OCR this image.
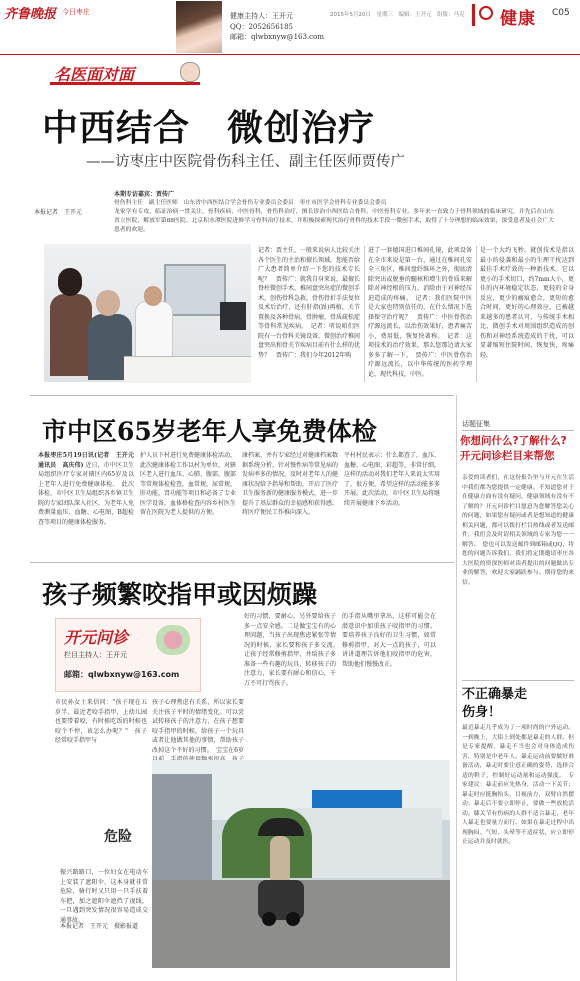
齐鲁晚报 今日枣庄	健康主持人：王开元
QQ：2052656185
邮箱：qlwbxnyw@163.com
2015年5月20日　星期三　编辑：王开元　组版：马克 健康 C05
名医面对面
中西结合　微创治疗
——访枣庄中医院骨伤科主任、副主任医师贾传广
本报记者　王开元
本期专访嘉宾：贾传广
骨伤科主任　副主任医师　山东省中西医结合学会骨伤专业委员会委员　枣庄市医学会骨科专业委员会委员
龙家学有专攻，临证治病一贯关注，骨科疾病，中医骨科，骨伤科治疗，擅长诊治中西医结合骨科，中医骨科专业。多年来一直致力于骨科领域的临床研究，并先后在山东省立医院、解放军第88医院、北京积水潭医院进修学习骨科治疗技术，并积极探索现代治疗骨科的技术手段一微创手术，取得了十分理想的临床效果，深受患者及社会广大患者的欢迎。
记者：贾主任，一般来说病人比较关注各个医生的主治和擅长领域，您能否给广大患者简单介绍一下您的技术专长呢？　贾传广：就我自身来说，最擅长脊柱微创手术，椎间盘突出症的微创手术，创伤骨科急救，骨伤骨折手法复位及术后治疗，还有肝指(趾)再植，关节置换及各种骨病，骨肿瘤，骨质疏松症等骨科常见疾病。　记者：听说咱们医院有一台骨科关镜设备，微创治疗椎间盘突出和骨关节疾病目前有什么样的优势？　贾传广：我们今年2012年购
进了一套德国进口椎间孔镜，此项设备在全市来说是第一台，通过在椎间孔安全三角区，椎间盘纤维环之外，彻底清除突出或脱垂的髓核和增生的骨质来解除对神经根的压力，消除由于对神经压迫造成的疼痛。　记者：我们医院中医是大家也特别信任的，在什么情况下选择保守治疗呢？　贾传广：中医骨伤治疗源远流长，以治伤效果好，患者痛苦小，费用低，恢复快著称。　记者：这项技术的治疗效果，那么您那边请大家多多了解一下。　贾传广：中医骨伤治疗源远流长，以中华传统的医药学理论、现代科技，中医。
是一个大约飞秒，就创技术是指以最小的侵袭和最小的生理干扰达到最佳手术疗效的一种新技术。它以更小的手术切口，约7mm大小，更佳的内环境稳定状态，更轻的全身反应，更少的瘢痕愈合，更短的愈合时间，更好的心理效应，已被越来越多的患者认可，与传统手术相比，微创手术对周围组织造成的创伤和对神经系统造成的干扰，可以显著缩短住院时间，恢复快，疼痛轻。
市中区65岁老年人享免费体检
本报枣庄5月19日讯(记者　王开元　通讯员　高庆伟) 近日，市中区卫生局组织医疗专家对辖区内65岁及以上老年人进行免费健康体检。　此次体检，市中区卫生局组织各乡镇卫生院的专家团队深入社区，为老年人免费测量血压、血糖、心电图，B超检查等项目的健康体检服务。
护人员下村进行免费健康体检活动，此次健康体检工作以村为单位，对辖区老人进行血压、心肺、腹部，腹部等常规体检检查，血常规，尿常规，肝功能，肾功能等项目和必备了专业医学设备，血体格检查内容乡村医生留在医院为老人提供的方便。
康档案，并有专家经过对健康档案数据系统分析，针对慢性病等常见病的发病率多的情况，及时对老年人的健康状况给予指导和帮助，开启了医疗卫生服务新的健康服务模式，进一步提升了基层群众的幸福感和获得感，将医疗便民工作推向深入。
平村村民表示：什么都查了，血压、血糖、心电图、彩超等，非常仔细，这样的活动对我们老年人来说太实用了，很方便，希望这样的活动能多多开展。此次活动，市中区卫生局将继续开展健康下乡活动。
孩子频繁咬指甲或因烦躁
开元问诊
栏目主持人：王开元
邮箱：qlwbxnyw@163.com
市民孙女士来信问："孩子现在五岁半，最近老咬手指甲，上幼儿园也要带着咬，有时候吃饭的时候也咬个不停，该怎么办呢？"　孩子经常咬手指甲与
孩子心理焦虑有关系，所以家长要关注孩子平时的情绪变化。可以尝试转移孩子的注意力，在孩子想要咬手指甲的时候，给孩子一个玩具或者让他做其他的事情，帮助孩子改掉这个不好的习惯。　宝宝在6岁
好的习惯，要耐心，另外要给孩子多一点安全感。二是做宝宝有的心理问题，当孩子出现焦虑紧张等情况的时候，家长要和孩子多交流。　让孩子经常修剪指甲，并给孩子多准备一些有趣的玩具，转移孩子的注意力，家长要有耐心和信心，千万不可打骂孩子。
的手指从嘴里拿出，这样可能会在潜意识中加重孩子咬指甲的习惯。要培养孩子良好的卫生习惯，如常修剪指甲，对大一点的孩子，可以讲讲道理告诉他们咬指甲的危害，帮助他们慢慢改正。
危险
振兴路路口，一位妇女在电动车上安装了遮阳伞，这本身就非常危险，骑行时又只用一只手扶着车把，加之遮阳伞遮挡了视线，一旦遇到突发情况很容易造成交通事故。
本报记者　王开元　摄影报道
话题征集
你想问什么?了解什么?
开元问诊栏目来帮您
亲爱的读者们，在这份报告里与开元在生活中我们都为您提供一定健康。不知道您对于在健康方面有没有疑问，健康领域有没有不了解的？开元问诊栏目愿意为您解答您关心的问题，如果您有疑问或者是想知道的健康相关问题，都可以拨打栏目热线或者发送邮件，我们会及时请相关领域的专家为您一一解答。　您也可以发送邮件到邮箱或QQ，将您的问题告诉我们，我们将定期邀请枣庄各大医院的资深医师对读者提出的问题做出专业的解答，欢迎大家踊跃参与。期待您的来信。
不正确暴走
伤身！
最近暴走几乎成为了一项时尚的户外运动。一到晚上，大街上到处都是暴走的人群。但是专家提醒，暴走不当也会对身体造成伤害，特别是中老年人。暴走运动前要做好准备活动，暴走时要注意正确的姿势，选择合适的鞋子，控制好运动量和运动强度。　专家建议：暴走前应先热身，活动一下关节；暴走时应挺胸抬头，目视前方，双臂自然摆动；暴走后不要立即停止，要做一些放松活动。膝关节有伤病的人群不适合暴走，老年人暴走也要量力而行。如果在暴走过程中出现胸闷、气短、头晕等不适症状，应立即停止运动并及时就医。
